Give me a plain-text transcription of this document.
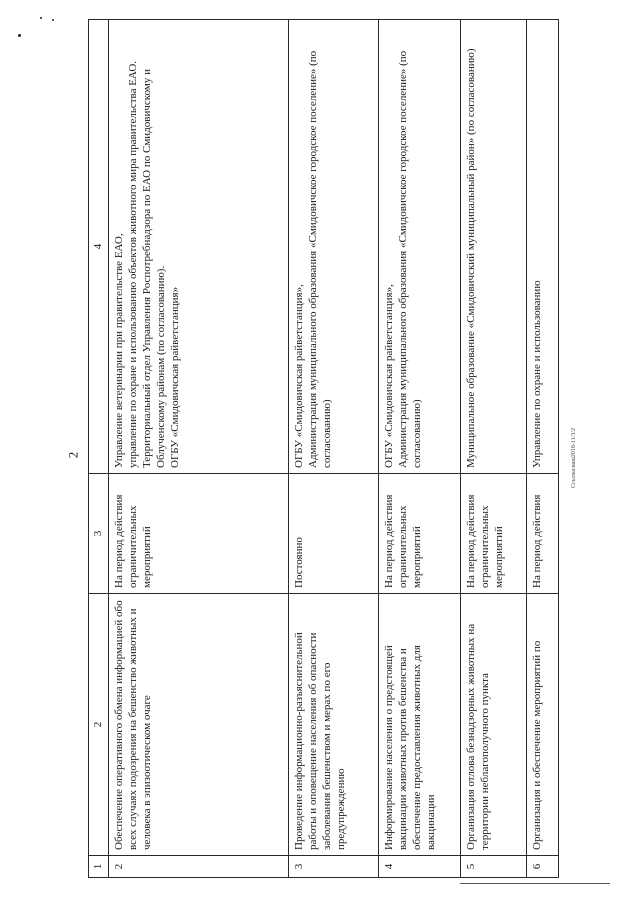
2
1	2	3	4
2	Обеспечение оперативного обмена информацией обо всех случаях подозрения на бешенство животных и человека в эпизоотическом очаге	На период действия ограничительных мероприятий	Управление ветеринарии при правительстве ЕАО, управление по охране и использованию объектов животного мира правительства ЕАО. Территориальный отдел Управления Роспотребнадзора по ЕАО по Смидовичскому и Облученскому районам (по согласованию). ОГБУ «Смидовичская райветстанция»

3	Проведение информационно-разъяснительной работы и оповещение населения об опасности заболевания бешенством и мерах по его предупреждению	Постоянно	ОГБУ «Смидовичская райветстанция», Администрация муниципального образования «Смидовичское городское поселение» (по согласованию)

4	Информирование населения о предстоящей вакцинации животных против бешенства и обеспечение предоставления животных для вакцинации	На период действия ограничительных мероприятий	ОГБУ «Смидовичская райветстанция», Администрация муниципального образования «Смидовичское городское поселение» (по согласованию)

5	Организация отлова безнадзорных животных на территории неблагополучного пункта	На период действия ограничительных мероприятий	Муниципальное образование «Смидовичский муниципальный район» (по согласованию)

6	Организация и обеспечение мероприятий по	На период действия	Управление по охране и использованию	Ссылка:ваш2018-11/3/2
